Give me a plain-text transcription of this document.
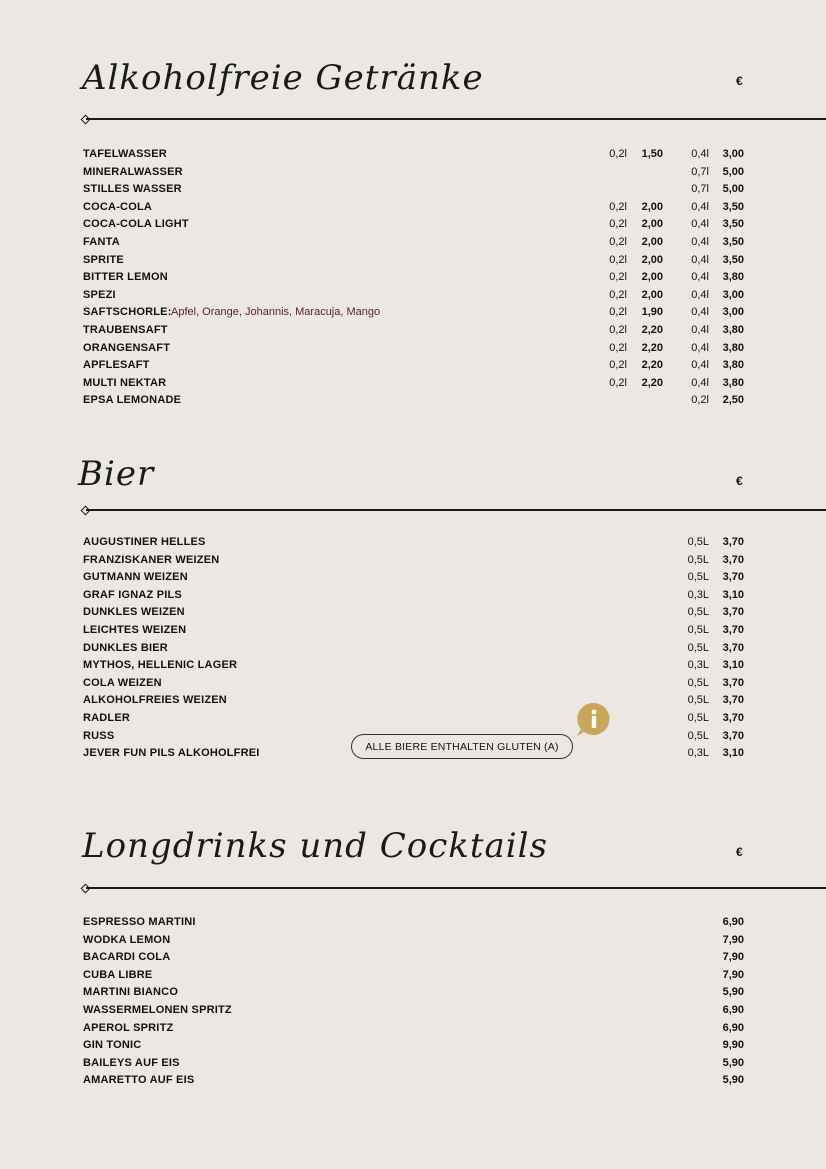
Alkoholfreie Getränke	€
TAFELWASSER	0,2l 1,50	0,4l 3,00
MINERALWASSER	0,7l 5,00
STILLES WASSER	0,7l 5,00
COCA-COLA	0,2l 2,00	0,4l 3,50
COCA-COLA LIGHT	0,2l 2,00	0,4l 3,50
FANTA	0,2l 2,00	0,4l 3,50
SPRITE	0,2l 2,00	0,4l 3,50
BITTER LEMON	0,2l 2,00	0,4l 3,80
SPEZI	0,2l 2,00	0,4l 3,00
SAFTSCHORLE:	0,2l 1,90	0,4l 3,00
Apfel, Orange, Johannis, Maracuja, Mango
TRAUBENSAFT	0,2l 2,20	0,4l 3,80
ORANGENSAFT	0,2l 2,20	0,4l 3,80
APFLESAFT	0,2l 2,20	0,4l 3,80
MULTI NEKTAR	0,2l 2,20	0,4l 3,80
EPSA LEMONADE	0,2l 2,50
Bier	€
AUGUSTINER HELLES	0,5L 3,70
FRANZISKANER WEIZEN	0,5L 3,70
GUTMANN WEIZEN	0,5L 3,70
GRAF IGNAZ PILS	0,3L 3,10
DUNKLES WEIZEN	0,5L 3,70
LEICHTES WEIZEN	0,5L 3,70
DUNKLES BIER	0,5L 3,70
MYTHOS, HELLENIC LAGER	0,3L 3,10
COLA WEIZEN	0,5L 3,70
ALKOHOLFREIES WEIZEN	0,5L 3,70
RADLER	0,5L 3,70
RUSS	0,5L 3,70
JEVER FUN PILS ALKOHOLFREI	0,3L 3,10
ALLE BIERE ENTHALTEN GLUTEN (A)
Longdrinks und Cocktails	€
ESPRESSO MARTINI	6,90
WODKA LEMON	7,90
BACARDI COLA	7,90
CUBA LIBRE	7,90
MARTINI BIANCO	5,90
WASSERMELONEN SPRITZ	6,90
APEROL SPRITZ	6,90
GIN TONIC	9,90
BAILEYS AUF EIS	5,90
AMARETTO AUF EIS	5,90
